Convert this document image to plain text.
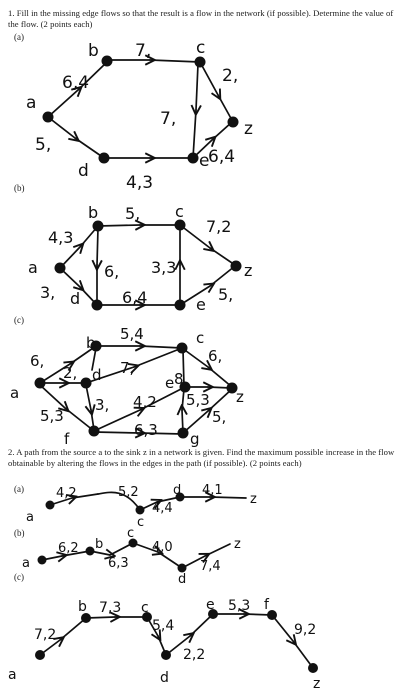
1. Fill in the missing edge flows so that the result is a flow in the network (if possible). Determine the value of the flow. (2 points each)
(a)
(b)
(c)
2. A path from the source a to the sink z in a network is given. Find the maximum possible increase in the flow obtainable by altering the flows in the edges in the path (if possible). (2 points each)
(a)
(b)
(c)
a
b	c
d	e
z
6,4
7,
2,
7,
5,
4,3
6,4
a
b	c
d	e
z
4,3
5,
7,2
6, 3,3
3,	6,4	5,
a
b	c
d	e
f	g
z
5,4
6,	6,
2,	7,
3, 4,2 5,3
5,3
6,3
5,
8
a	c
d
z
4,2	5,2
4,4
4,1
a
b
c
d
z
6,2
6,3
4,0
7,4
a
b	c
d
e	f
z
7,2
7,3
5,4
2,2
5,3
9,2
